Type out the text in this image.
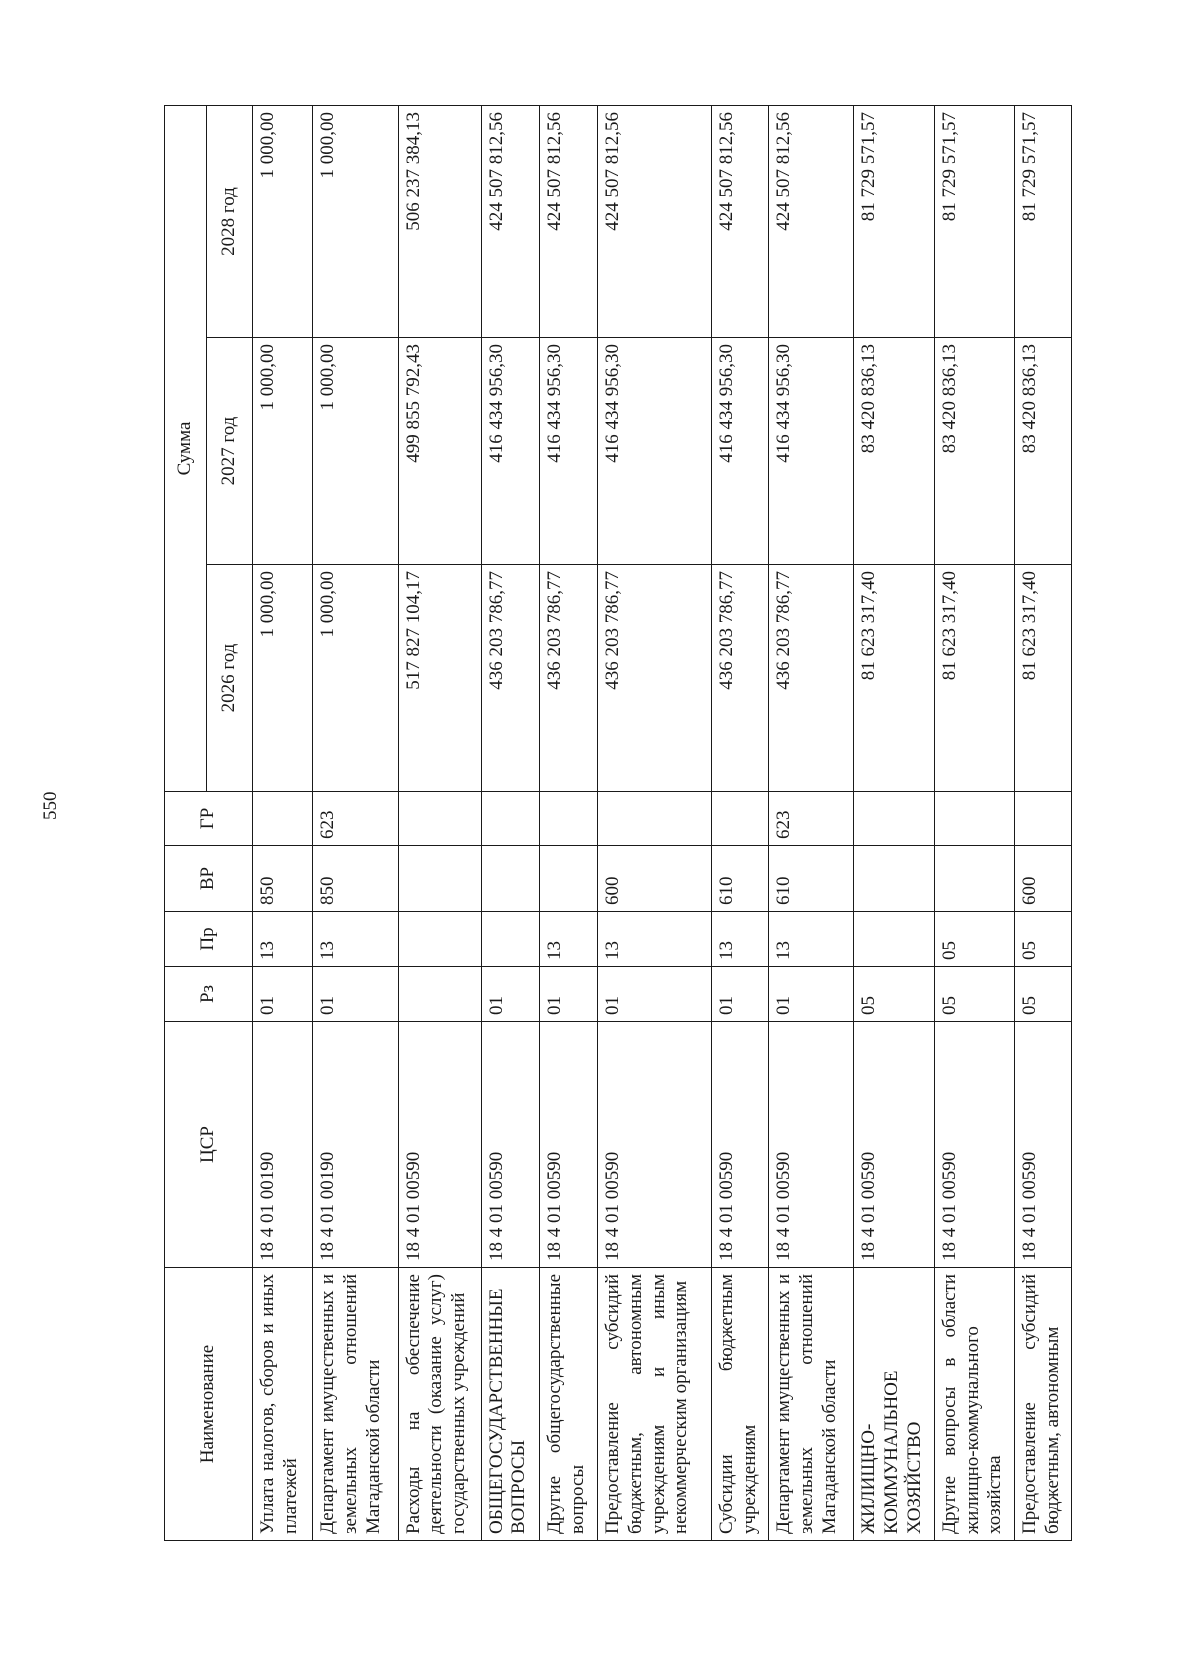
550
Наименование	ЦСР	Рз	Пр	ВР	ГР	Сумма		
						2026 год	2027 год	2028 год
Уплата налогов, сборов и иных платежей	18 4 01 00190	01	13	850		1 000,00	1 000,00	1 000,00
Департамент имущественных и земельных отношений Магаданской области	18 4 01 00190	01	13	850	623	1 000,00	1 000,00	1 000,00
Расходы на обеспечение деятельности (оказание услуг) государственных учреждений	18 4 01 00590					517 827 104,17	499 855 792,43	506 237 384,13
ОБЩЕГОСУДАРСТВЕННЫЕ ВОПРОСЫ	18 4 01 00590	01				436 203 786,77	416 434 956,30	424 507 812,56
Другие общегосударственные вопросы	18 4 01 00590	01	13			436 203 786,77	416 434 956,30	424 507 812,56
Предоставление субсидий бюджетным, автономным учреждениям и иным некоммерческим организациям	18 4 01 00590	01	13	600		436 203 786,77	416 434 956,30	424 507 812,56
Субсидии бюджетным учреждениям	18 4 01 00590	01	13	610		436 203 786,77	416 434 956,30	424 507 812,56
Департамент имущественных и земельных отношений Магаданской области	18 4 01 00590	01	13	610	623	436 203 786,77	416 434 956,30	424 507 812,56
ЖИЛИЩНО-КОММУНАЛЬНОЕ ХОЗЯЙСТВО	18 4 01 00590	05				81 623 317,40	83 420 836,13	81 729 571,57
Другие вопросы в области жилищно-коммунального хозяйства	18 4 01 00590	05	05			81 623 317,40	83 420 836,13	81 729 571,57
Предоставление субсидий бюджетным, автономным	18 4 01 00590	05	05	600		81 623 317,40	83 420 836,13	81 729 571,57
